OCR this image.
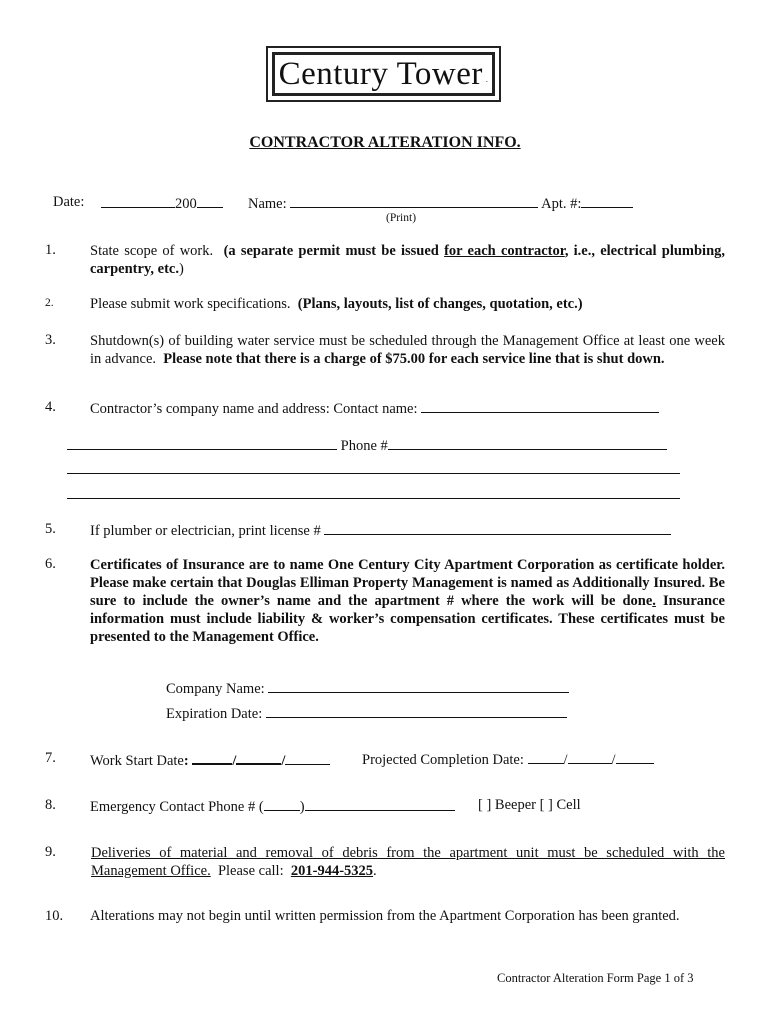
Century Tower .
CONTRACTOR ALTERATION INFO.
Date:	200	Name:	Apt. #:
(Print)
1. State scope of work. (a separate permit must be issued for each contractor, i.e., electrical plumbing, carpentry, etc.)
2.	Please submit work specifications. (Plans, layouts, list of changes, quotation, etc.)
3. Shutdown(s) of building water service must be scheduled through the Management Office at least one week in advance. Please note that there is a charge of $75.00 for each service line that is shut down.
4. Contractor’s company name and address: Contact name:
Phone #
5. If plumber or electrician, print license #
6. Certificates of Insurance are to name One Century City Apartment Corporation as certificate holder. Please make certain that Douglas Elliman Property Management is named as Additionally Insured. Be sure to include the owner’s name and the apartment # where the work will be done. Insurance information must include liability & worker’s compensation certificates. These certificates must be presented to the Management Office.
Company Name:
Expiration Date:
7. Work Start Date:	/	/	Projected Completion Date:	/	/
8. Emergency Contact Phone # ( )	[ ] Beeper [ ] Cell
9. Deliveries of material and removal of debris from the apartment unit must be scheduled with the Management Office. Please call: 201-944-5325.
10. Alterations may not begin until written permission from the Apartment Corporation has been granted.
Contractor Alteration Form Page 1 of 3
